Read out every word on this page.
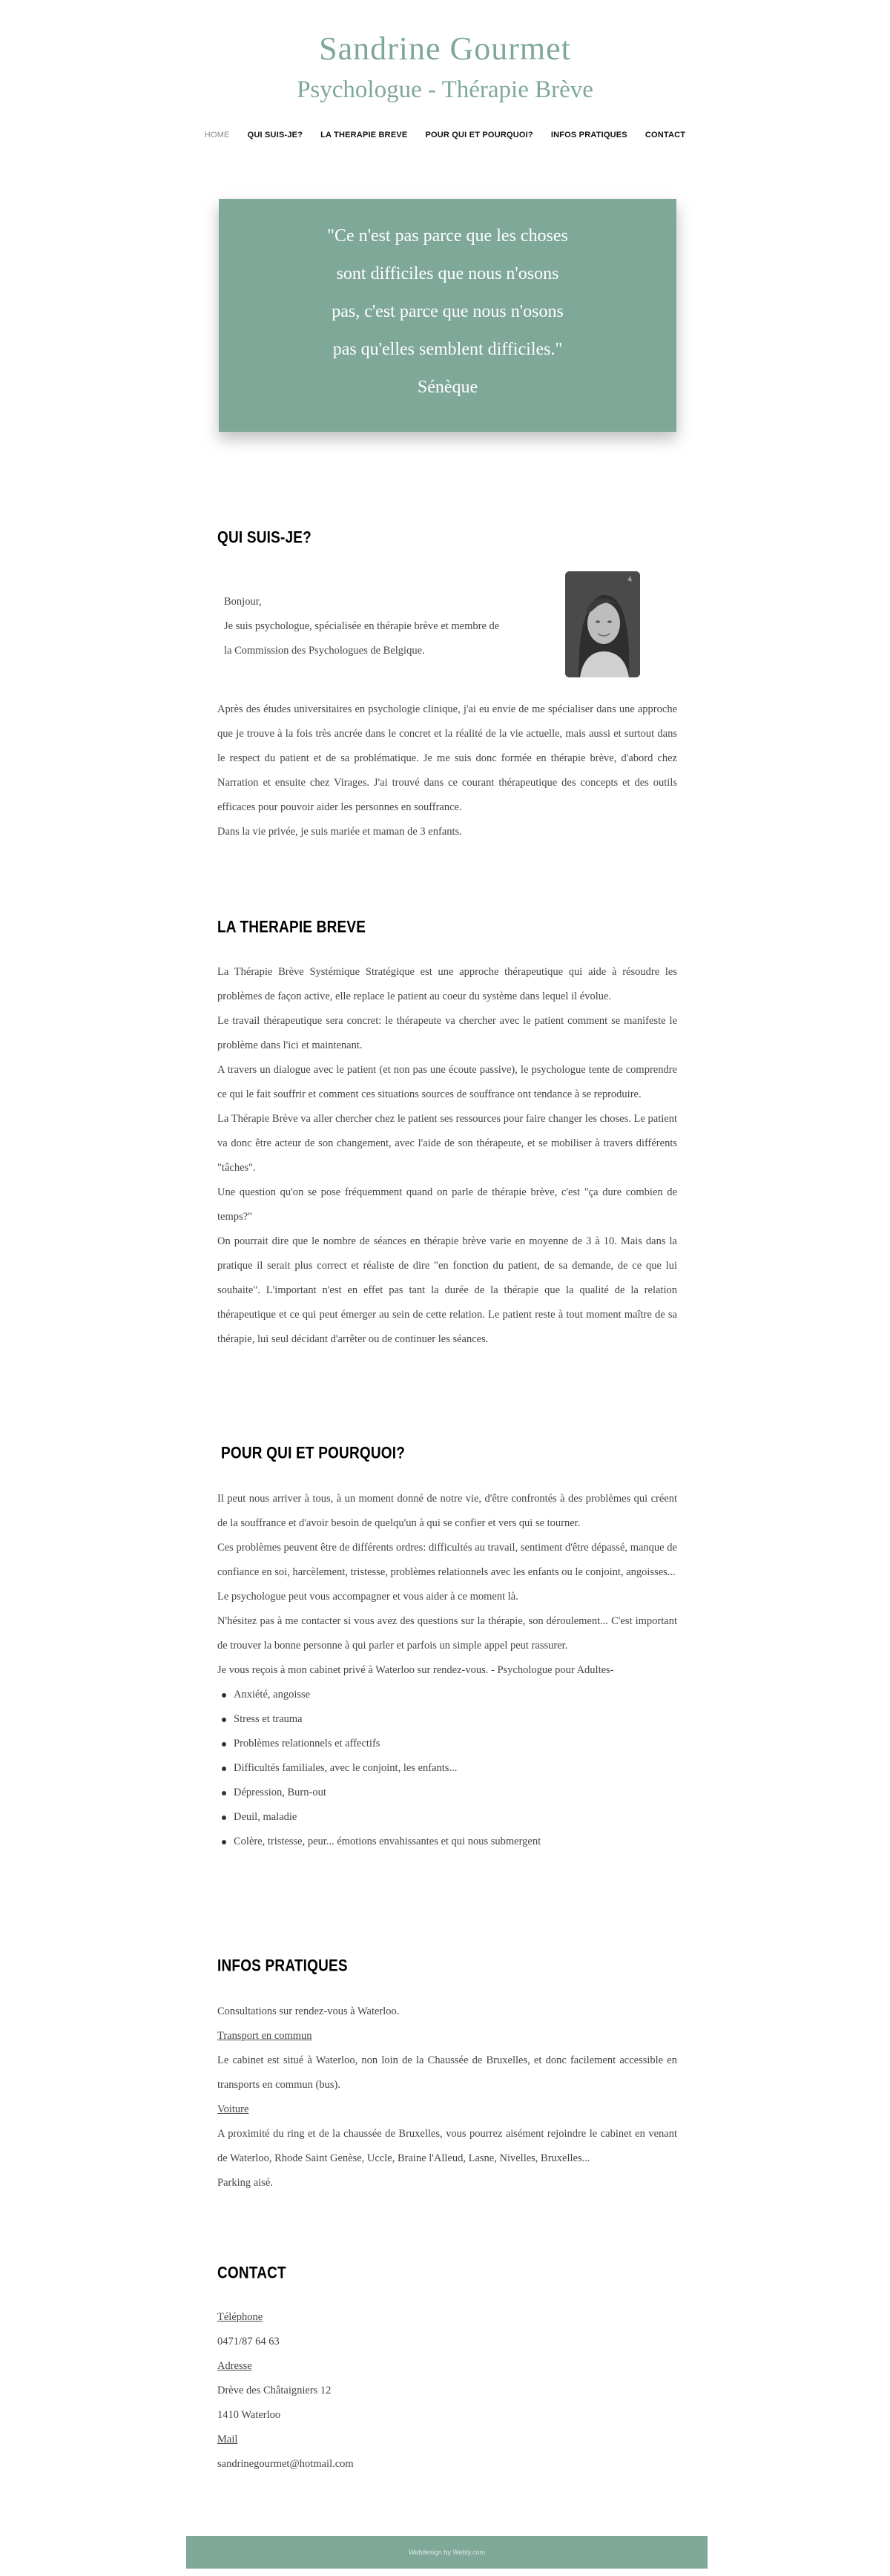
Sandrine Gourmet
Psychologue - Thérapie Brève
HOME QUI SUIS-JE? LA THERAPIE BREVE POUR QUI ET POURQUOI? INFOS PRATIQUES CONTACT
"Ce n'est pas parce que les choses
sont difficiles que nous n'osons
pas, c'est parce que nous n'osons
pas qu'elles semblent difficiles."
Sénèque
QUI SUIS-JE?

Bonjour,

Je suis psychologue, spécialisée en thérapie brève et membre de

la Commission des Psychologues de Belgique.

Après des études universitaires en psychologie clinique, j'ai eu envie de me spécialiser dans une approche que je trouve à la fois très ancrée dans le concret et la réalité de la vie actuelle, mais aussi et surtout dans le respect du patient et de sa problématique. Je me suis donc formée en thérapie brève, d'abord chez Narration et ensuite chez Virages. J'ai trouvé dans ce courant thérapeutique des concepts et des outils efficaces pour pouvoir aider les personnes en souffrance.

Dans la vie privée, je suis mariée et maman de 3 enfants.

LA THERAPIE BREVE

La Thérapie Brève Systémique Stratégique est une approche thérapeutique qui aide à résoudre les problèmes de façon active, elle replace le patient au coeur du système dans lequel il évolue.

Le travail thérapeutique sera concret: le thérapeute va chercher avec le patient comment se manifeste le problème dans l'ici et maintenant.

A travers un dialogue avec le patient (et non pas une écoute passive), le psychologue tente de comprendre ce qui le fait souffrir et comment ces situations sources de souffrance ont tendance à se reproduire.

La Thérapie Brève va aller chercher chez le patient ses ressources pour faire changer les choses. Le patient va donc être acteur de son changement, avec l'aide de son thérapeute, et se mobiliser à travers différents "tâches".

Une question qu'on se pose fréquemment quand on parle de thérapie brève, c'est "ça dure combien de temps?"

On pourrait dire que le nombre de séances en thérapie brève varie en moyenne de 3 à 10. Mais dans la pratique il serait plus correct et réaliste de dire "en fonction du patient, de sa demande, de ce que lui souhaite". L'important n'est en effet pas tant la durée de la thérapie que la qualité de la relation thérapeutique et ce qui peut émerger au sein de cette relation. Le patient reste à tout moment maître de sa thérapie, lui seul décidant d'arrêter ou de continuer les séances.

POUR QUI ET POURQUOI?

Il peut nous arriver à tous, à un moment donné de notre vie, d'être confrontés à des problèmes qui créent de la souffrance et d'avoir besoin de quelqu'un à qui se confier et vers qui se tourner.

Ces problèmes peuvent être de différents ordres: difficultés au travail, sentiment d'être dépassé, manque de confiance en soi, harcèlement, tristesse, problèmes relationnels avec les enfants ou le conjoint, angoisses...

Le psychologue peut vous accompagner et vous aider à ce moment là.

N'hésitez pas à me contacter si vous avez des questions sur la thérapie, son déroulement... C'est important de trouver la bonne personne à qui parler et parfois un simple appel peut rassurer.

Je vous reçois à mon cabinet privé à Waterloo sur rendez-vous. - Psychologue pour Adultes-

Anxiété, angoisse
Stress et trauma
Problèmes relationnels et affectifs
Difficultés familiales, avec le conjoint, les enfants...
Dépression, Burn-out
Deuil, maladie
Colère, tristesse, peur... émotions envahissantes et qui nous submergent
INFOS PRATIQUES

Consultations sur rendez-vous à Waterloo.

Transport en commun

Le cabinet est situé à Waterloo, non loin de la Chaussée de Bruxelles, et donc facilement accessible en transports en commun (bus).

Voiture

A proximité du ring et de la chaussée de Bruxelles, vous pourrez aisément rejoindre le cabinet en venant de Waterloo, Rhode Saint Genèse, Uccle, Braine l'Alleud, Lasne, Nivelles, Bruxelles...

Parking aisé.

CONTACT

Téléphone

0471/87 64 63

Adresse

Drève des Châtaigniers 12

1410 Waterloo

Mail

sandrinegourmet@hotmail.com

Webdesign by Webly.com
